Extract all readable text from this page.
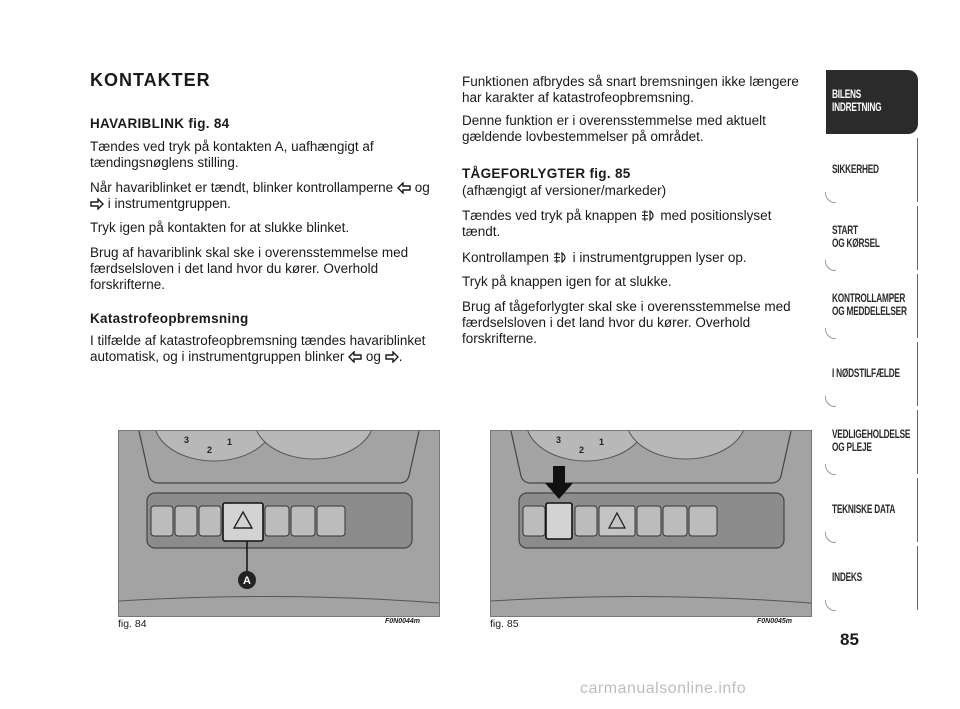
KONTAKTER
HAVARIBLINK fig. 84
Tændes ved tryk på kontakten A, uafhængigt af tændingsnøglens stilling.
Når havariblinket er tændt, blinker kontrollamperne og  i instrumentgruppen.
Tryk igen på kontakten for at slukke blinket.
Brug af havariblink skal ske i overensstemmelse med færdselsloven i det land hvor du kører. Overhold forskrifterne.
Katastrofeopbremsning
I tilfælde af katastrofeopbremsning tændes havariblinket automatisk, og i instrumentgruppen blinker og .
Funktionen afbrydes så snart bremsningen ikke længere har karakter af katastrofeopbremsning.
Denne funktion er i overensstemmelse med aktuelt gældende lovbestemmelser på området.
TÅGEFORLYGTER fig. 85
(afhængigt af versioner/markeder)
Tændes ved tryk på knappen med positionslyset tændt.
Kontrollampen i instrumentgruppen lyser op.
Tryk på knappen igen for at slukke.
Brug af tågeforlygter skal ske i overensstemmelse med færdselsloven i det land hvor du kører. Overhold forskrifterne.
3
2
1
A
fig. 84	F0N0044m
3
2
1
fig. 85	F0N0045m
BILENS
INDRETNING
SIKKERHED
START
OG KØRSEL
KONTROLLAMPER
OG MEDDELELSER
I NØDSTILFÆLDE
VEDLIGEHOLDELSE
OG PLEJE
TEKNISKE DATA
INDEKS
85
carmanualsonline.info
